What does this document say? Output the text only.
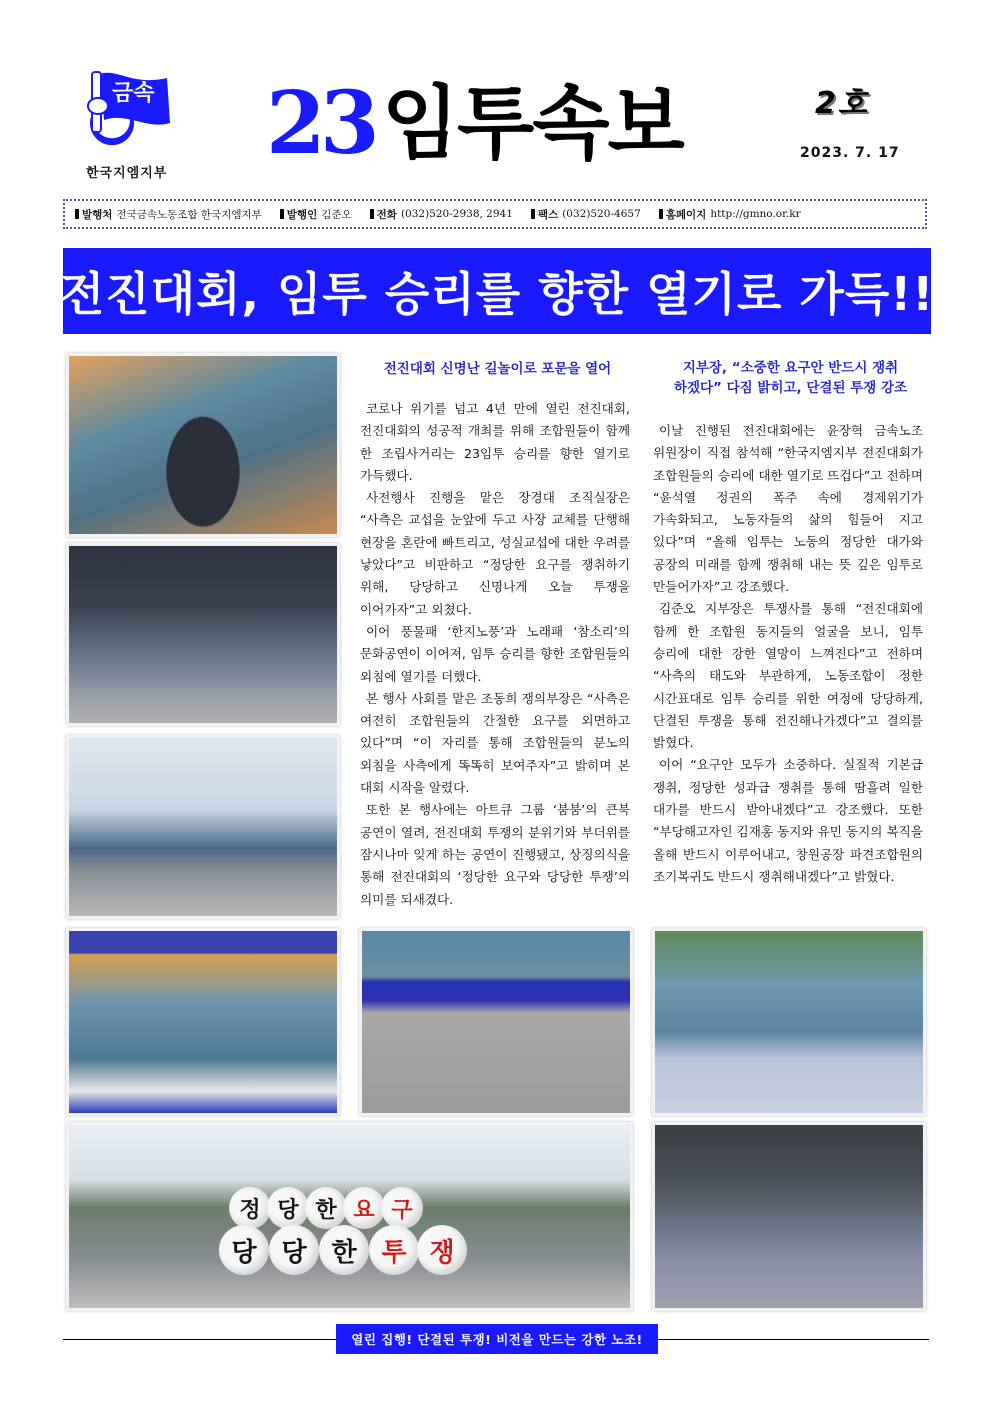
금속
한국지엠지부 23 임투속보	2호
2023. 7. 17
발행처 전국금속노동조합 한국지엠지부 발행인 김준오 전화 (032)520-2938, 2941 팩스 (032)520-4657 홈페이지 http://gmno.or.kr
전진대회, 임투 승리를 향한 열기로 가득!!
정 당 한 요 구
당 당 한 투 쟁
전진대회 신명난 길놀이로 포문을 열어

코로나 위기를 넘고 4년 만에 열린 전진대회, 전진대회의 성공적 개최를 위해 조합원들이 함께 한 조립사거리는 23임투 승리를 향한 열기로 가득했다.

사전행사 진행을 맡은 장경대 조직실장은 “사측은 교섭을 눈앞에 두고 사장 교체를 단행해 현장을 혼란에 빠트리고, 성실교섭에 대한 우려를 낳았다”고 비판하고 “정당한 요구를 쟁취하기 위해, 당당하고 신명나게 오늘 투쟁을 이어가자”고 외쳤다.

이어 풍물패 ‘한지노풍’과 노래패 ‘참소리’의 문화공연이 이어져, 임투 승리를 향한 조합원들의 외침에 열기를 더했다.

본 행사 사회를 맡은 조동희 쟁의부장은 “사측은 여전히 조합원들의 간절한 요구를 외면하고 있다”며 “이 자리를 통해 조합원들의 분노의 외침을 사측에게 똑똑히 보여주자”고 밝히며 본 대회 시작을 알렸다.

또한 본 행사에는 아트큐 그룹 ‘붐붐’의 큰북 공연이 열려, 전진대회 투쟁의 분위기와 부더위를 잠시나마 잊게 하는 공연이 진행됐고, 상징의식을 통해 전진대회의 ‘정당한 요구와 당당한 투쟁’의 의미를 되새겼다.

지부장, “소중한 요구안 반드시 쟁취
하겠다” 다짐 밝히고, 단결된 투쟁 강조

이날 진행된 전진대회에는 윤장혁 금속노조 위원장이 직접 참석해 “한국지엠지부 전진대회가 조합원들의 승리에 대한 열기로 뜨겁다”고 전하며 “윤석열 정권의 폭주 속에 경제위기가 가속화되고, 노동자들의 삶의 힘들어 지고 있다”며 “올해 임투는 노동의 정당한 대가와 공장의 미래를 함께 쟁취해 내는 뜻 깊은 임투로 만들어가자”고 강조했다.

김준오 지부장은 투쟁사를 통해 “전진대회에 함께 한 조합원 동지들의 얼굴을 보니, 임투 승리에 대한 강한 열망이 느껴진다”고 전하며 “사측의 태도와 부관하게, 노동조합이 정한 시간표대로 임투 승리를 위한 여정에 당당하게, 단결된 투쟁을 통해 전진해나가겠다”고 결의를 밝혔다.

이어 “요구안 모두가 소중하다. 실질적 기본급 쟁취, 정당한 성과급 쟁취를 통해 땀흘려 일한 대가를 반드시 받아내겠다”고 강조했다. 또한 “부당해고자인 김재홍 동지와 유민 동지의 복직을 올해 반드시 이루어내고, 창원공장 파견조합원의 조기복귀도 반드시 쟁취해내겠다”고 밝혔다.

열린 집행! 단결된 투쟁! 비전을 만드는 강한 노조!
